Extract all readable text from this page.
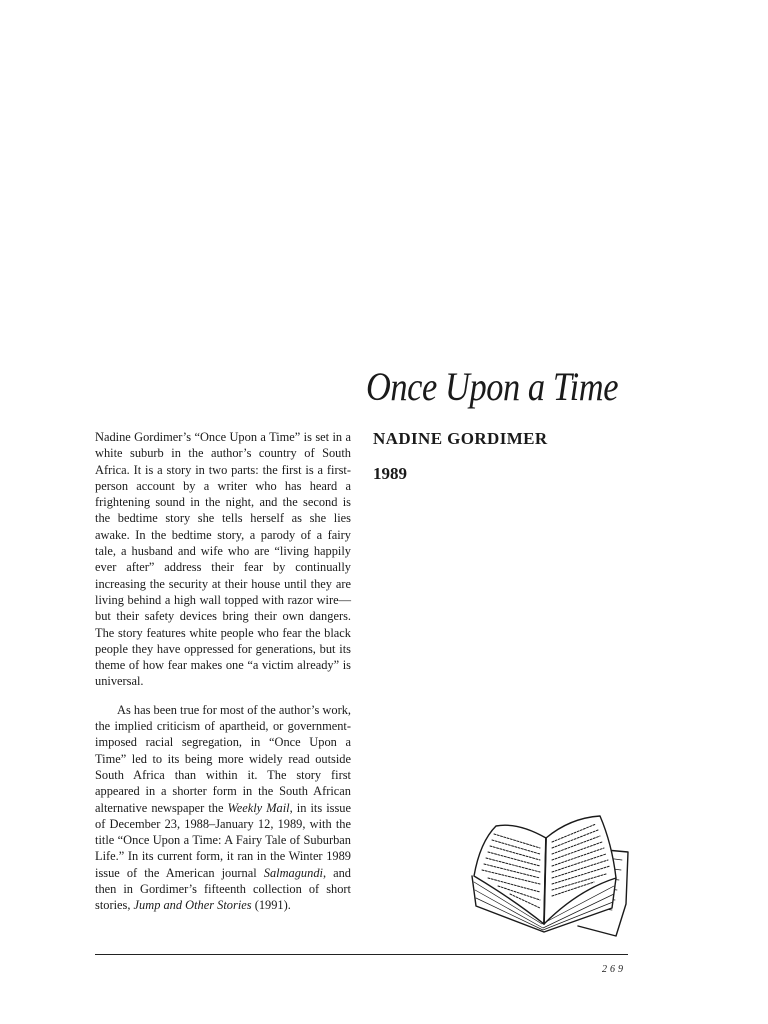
Once Upon a Time
NADINE GORDIMER
1989

Nadine Gordimer’s “Once Upon a Time” is set in a white suburb in the author’s country of South Africa. It is a story in two parts: the first is a first-person account by a writer who has heard a frightening sound in the night, and the second is the bedtime story she tells herself as she lies awake. In the bedtime story, a parody of a fairy tale, a husband and wife who are “living happily ever after” address their fear by continually increasing the security at their house until they are living behind a high wall topped with razor wire—but their safety devices bring their own dangers. The story features white people who fear the black people they have oppressed for generations, but its theme of how fear makes one “a victim already” is universal.

As has been true for most of the author’s work, the implied criticism of apartheid, or government-imposed racial segregation, in “Once Upon a Time” led to its being more widely read outside South Africa than within it. The story first appeared in a shorter form in the South African alternative newspaper the Weekly Mail, in its issue of December 23, 1988–January 12, 1989, with the title “Once Upon a Time: A Fairy Tale of Suburban Life.” In its current form, it ran in the Winter 1989 issue of the American journal Salmagundi, and then in Gordimer’s fifteenth collection of short stories, Jump and Other Stories (1991).

269
